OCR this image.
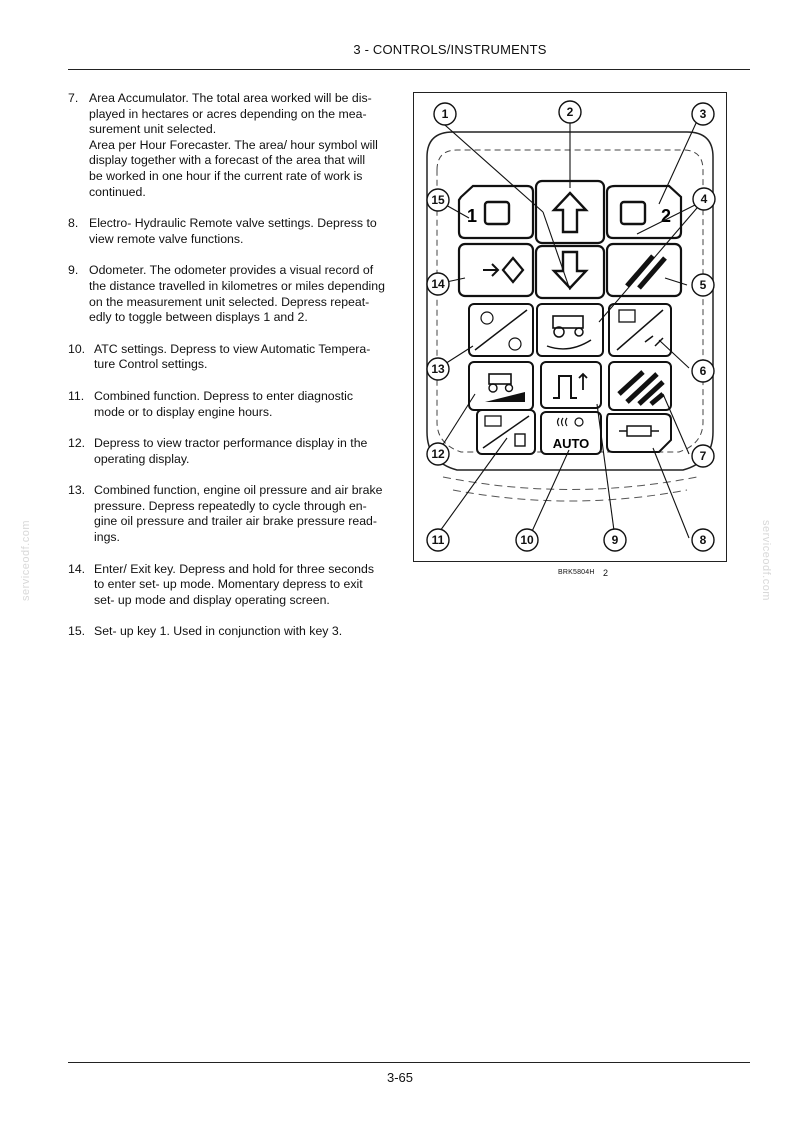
3 - CONTROLS/INSTRUMENTS
serviceodf.com	serviceodf.com
7. Area Accumulator. The total area worked will be dis-
played in hectares or acres depending on the mea-
surement unit selected.
Area per Hour Forecaster. The area/ hour symbol will
display together with a forecast of the area that will
be worked in one hour if the current rate of work is
continued.
8. Electro- Hydraulic Remote valve settings. Depress to
view remote valve functions.
9. Odometer. The odometer provides a visual record of
the distance travelled in kilometres or miles depending
on the measurement unit selected. Depress repeat-
edly to toggle between displays 1 and 2.
10. ATC settings. Depress to view Automatic Tempera-
ture Control settings.
11. Combined function. Depress to enter diagnostic
mode or to display engine hours.
12. Depress to view tractor performance display in the
operating display.
13. Combined function, engine oil pressure and air brake
pressure. Depress repeatedly to cycle through en-
gine oil pressure and trailer air brake pressure read-
ings.
14. Enter/ Exit key. Depress and hold for three seconds
to enter set- up mode. Momentary depress to exit
set- up mode and display operating screen.
15. Set- up key 1. Used in conjunction with key 3.
1	2
AUTO
1	2	3
4
5
6
7
8
9
10
11
12
13
14
15
BRK5804H 2
3-65
